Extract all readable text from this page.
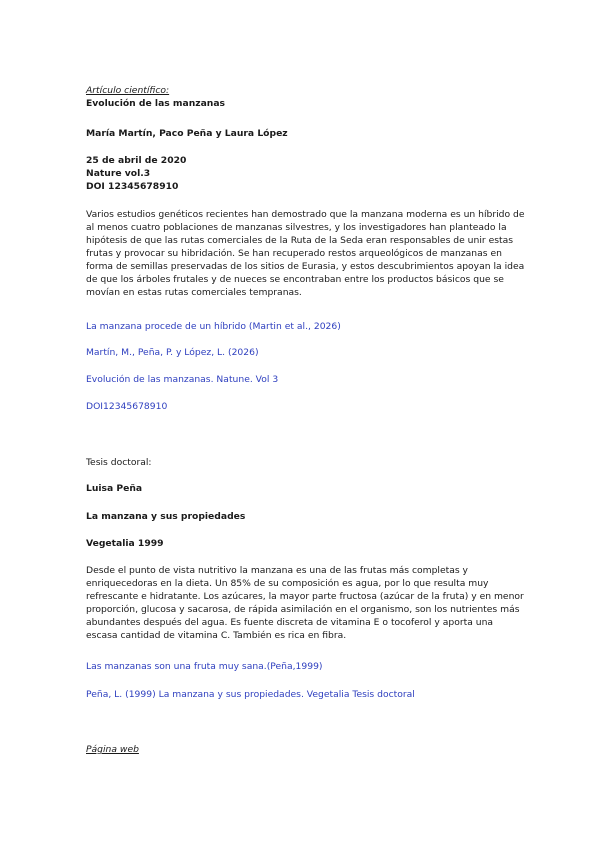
Artículo científico:
Evolución de las manzanas
María Martín, Paco Peña y Laura López
25 de abril de 2020
Nature vol.3
DOI 12345678910
Varios estudios genéticos recientes han demostrado que la manzana moderna es un híbrido de al menos cuatro poblaciones de manzanas silvestres, y los investigadores han planteado la hipótesis de que las rutas comerciales de la Ruta de la Seda eran responsables de unir estas frutas y provocar su hibridación. Se han recuperado restos arqueológicos de manzanas en forma de semillas preservadas de los sitios de Eurasia, y estos descubrimientos apoyan la idea de que los árboles frutales y de nueces se encontraban entre los productos básicos que se movían en estas rutas comerciales tempranas.
La manzana procede de un híbrido (Martin et al., 2026)
Martín, M., Peña, P. y López, L. (2026)
Evolución de las manzanas. Natune. Vol 3
DOI12345678910
Tesis doctoral:
Luisa Peña
La manzana y sus propiedades
Vegetalia 1999
Desde el punto de vista nutritivo la manzana es una de las frutas más completas y enriquecedoras en la dieta. Un 85% de su composición es agua, por lo que resulta muy refrescante e hidratante. Los azúcares, la mayor parte fructosa (azúcar de la fruta) y en menor proporción, glucosa y sacarosa, de rápida asimilación en el organismo, son los nutrientes más abundantes después del agua. Es fuente discreta de vitamina E o tocoferol y aporta una escasa cantidad de vitamina C. También es rica en fibra.
Las manzanas son una fruta muy sana.(Peña,1999)
Peña, L. (1999) La manzana y sus propiedades. Vegetalia Tesis doctoral
Página web
